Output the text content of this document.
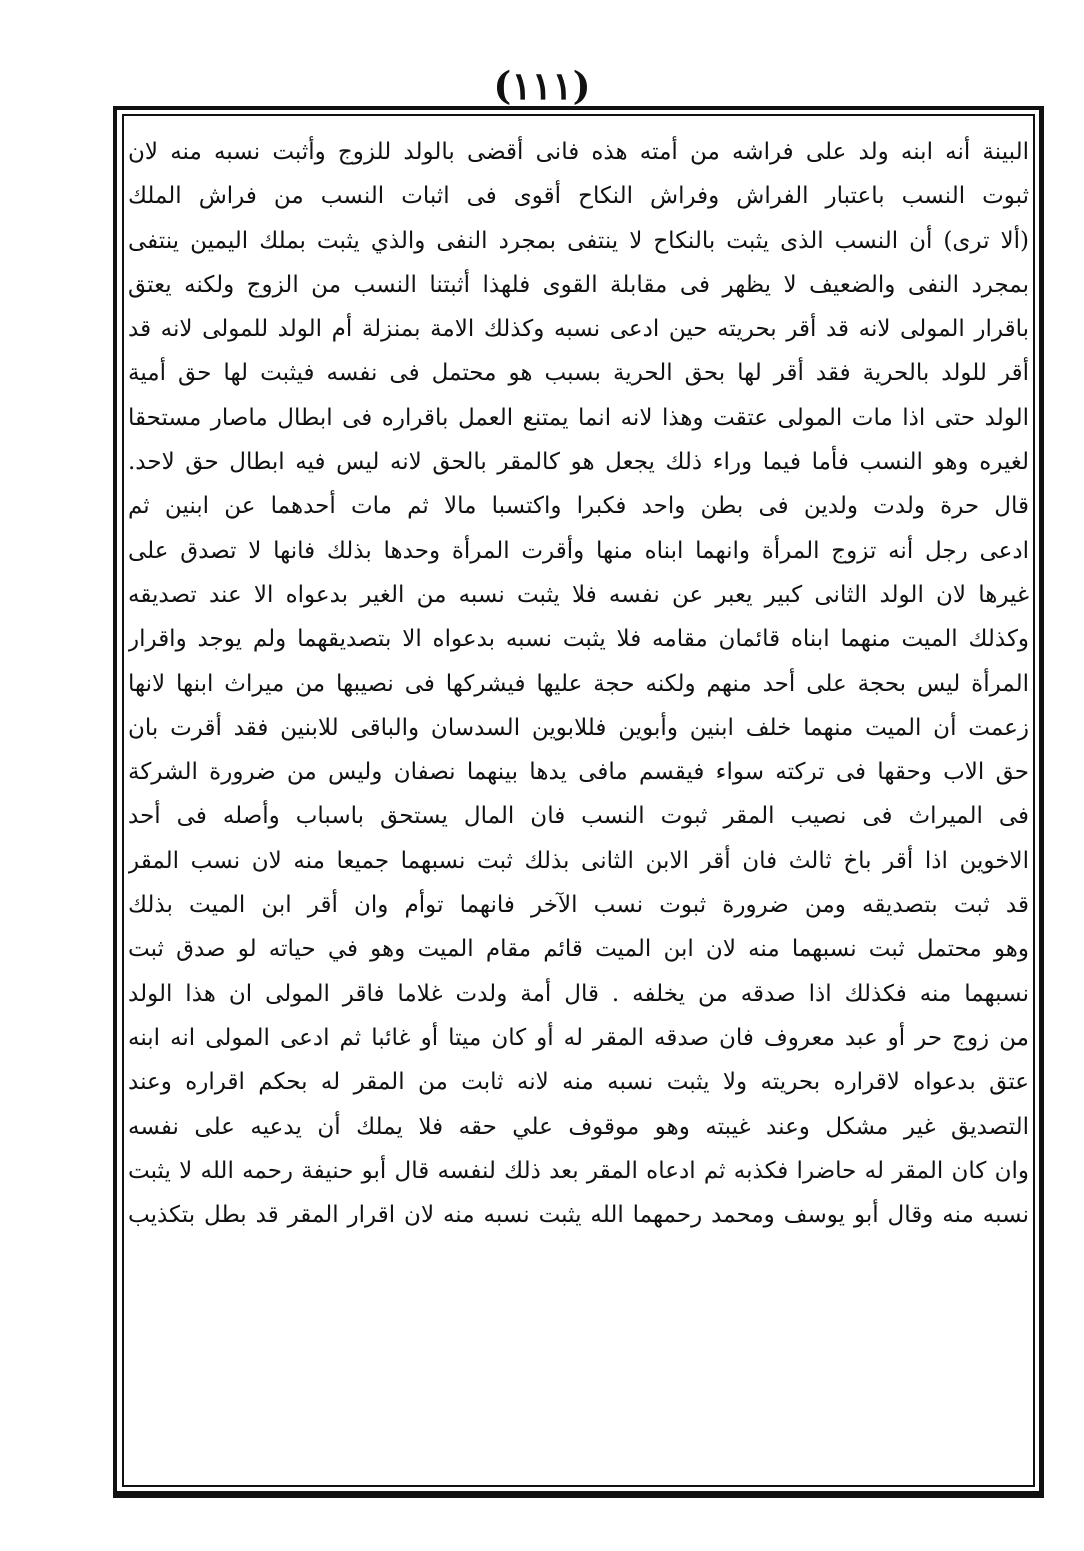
(١١١)
البينة أنه ابنه ولد على فراشه من أمته هذه فانى أقضى بالولد للزوج وأثبت نسبه منه لان
ثبوت النسب باعتبار الفراش وفراش النكاح أقوى فى اثبات النسب من فراش الملك
(ألا ترى) أن النسب الذى يثبت بالنكاح لا ينتفى بمجرد النفى والذي يثبت بملك اليمين ينتفى
بمجرد النفى والضعيف لا يظهر فى مقابلة القوى فلهذا أثبتنا النسب من الزوج ولكنه يعتق
باقرار المولى لانه قد أقر بحريته حين ادعى نسبه وكذلك الامة بمنزلة أم الولد للمولى لانه قد
أقر للولد بالحرية فقد أقر لها بحق الحرية بسبب هو محتمل فى نفسه فيثبت لها حق أمية
الولد حتى اذا مات المولى عتقت وهذا لانه انما يمتنع العمل باقراره فى ابطال ماصار مستحقا
لغيره وهو النسب فأما فيما وراء ذلك يجعل هو كالمقر بالحق لانه ليس فيه ابطال حق لاحد.
قال حرة ولدت ولدين فى بطن واحد فكبرا واكتسبا مالا ثم مات أحدهما عن ابنين ثم
ادعى رجل أنه تزوج المرأة وانهما ابناه منها وأقرت المرأة وحدها بذلك فانها لا تصدق على
غيرها لان الولد الثانى كبير يعبر عن نفسه فلا يثبت نسبه من الغير بدعواه الا عند تصديقه
وكذلك الميت منهما ابناه قائمان مقامه فلا يثبت نسبه بدعواه الا بتصديقهما ولم يوجد واقرار
المرأة ليس بحجة على أحد منهم ولكنه حجة عليها فيشركها فى نصيبها من ميراث ابنها لانها
زعمت أن الميت منهما خلف ابنين وأبوين فللابوين السدسان والباقى للابنين فقد أقرت بان
حق الاب وحقها فى تركته سواء فيقسم مافى يدها بينهما نصفان وليس من ضرورة الشركة
فى الميراث فى نصيب المقر ثبوت النسب فان المال يستحق باسباب وأصله فى أحد
الاخوين اذا أقر باخ ثالث فان أقر الابن الثانى بذلك ثبت نسبهما جميعا منه لان نسب المقر
قد ثبت بتصديقه ومن ضرورة ثبوت نسب الآخر فانهما توأم وان أقر ابن الميت بذلك
وهو محتمل ثبت نسبهما منه لان ابن الميت قائم مقام الميت وهو في حياته لو صدق ثبت
نسبهما منه فكذلك اذا صدقه من يخلفه . قال أمة ولدت غلاما فاقر المولى ان هذا الولد
من زوج حر أو عبد معروف فان صدقه المقر له أو كان ميتا أو غائبا ثم ادعى المولى انه ابنه
عتق بدعواه لاقراره بحريته ولا يثبت نسبه منه لانه ثابت من المقر له بحكم اقراره وعند
التصديق غير مشكل وعند غيبته وهو موقوف علي حقه فلا يملك أن يدعيه على نفسه
وان كان المقر له حاضرا فكذبه ثم ادعاه المقر بعد ذلك لنفسه قال أبو حنيفة رحمه الله لا يثبت
نسبه منه وقال أبو يوسف ومحمد رحمهما الله يثبت نسبه منه لان اقرار المقر قد بطل بتكذيب
